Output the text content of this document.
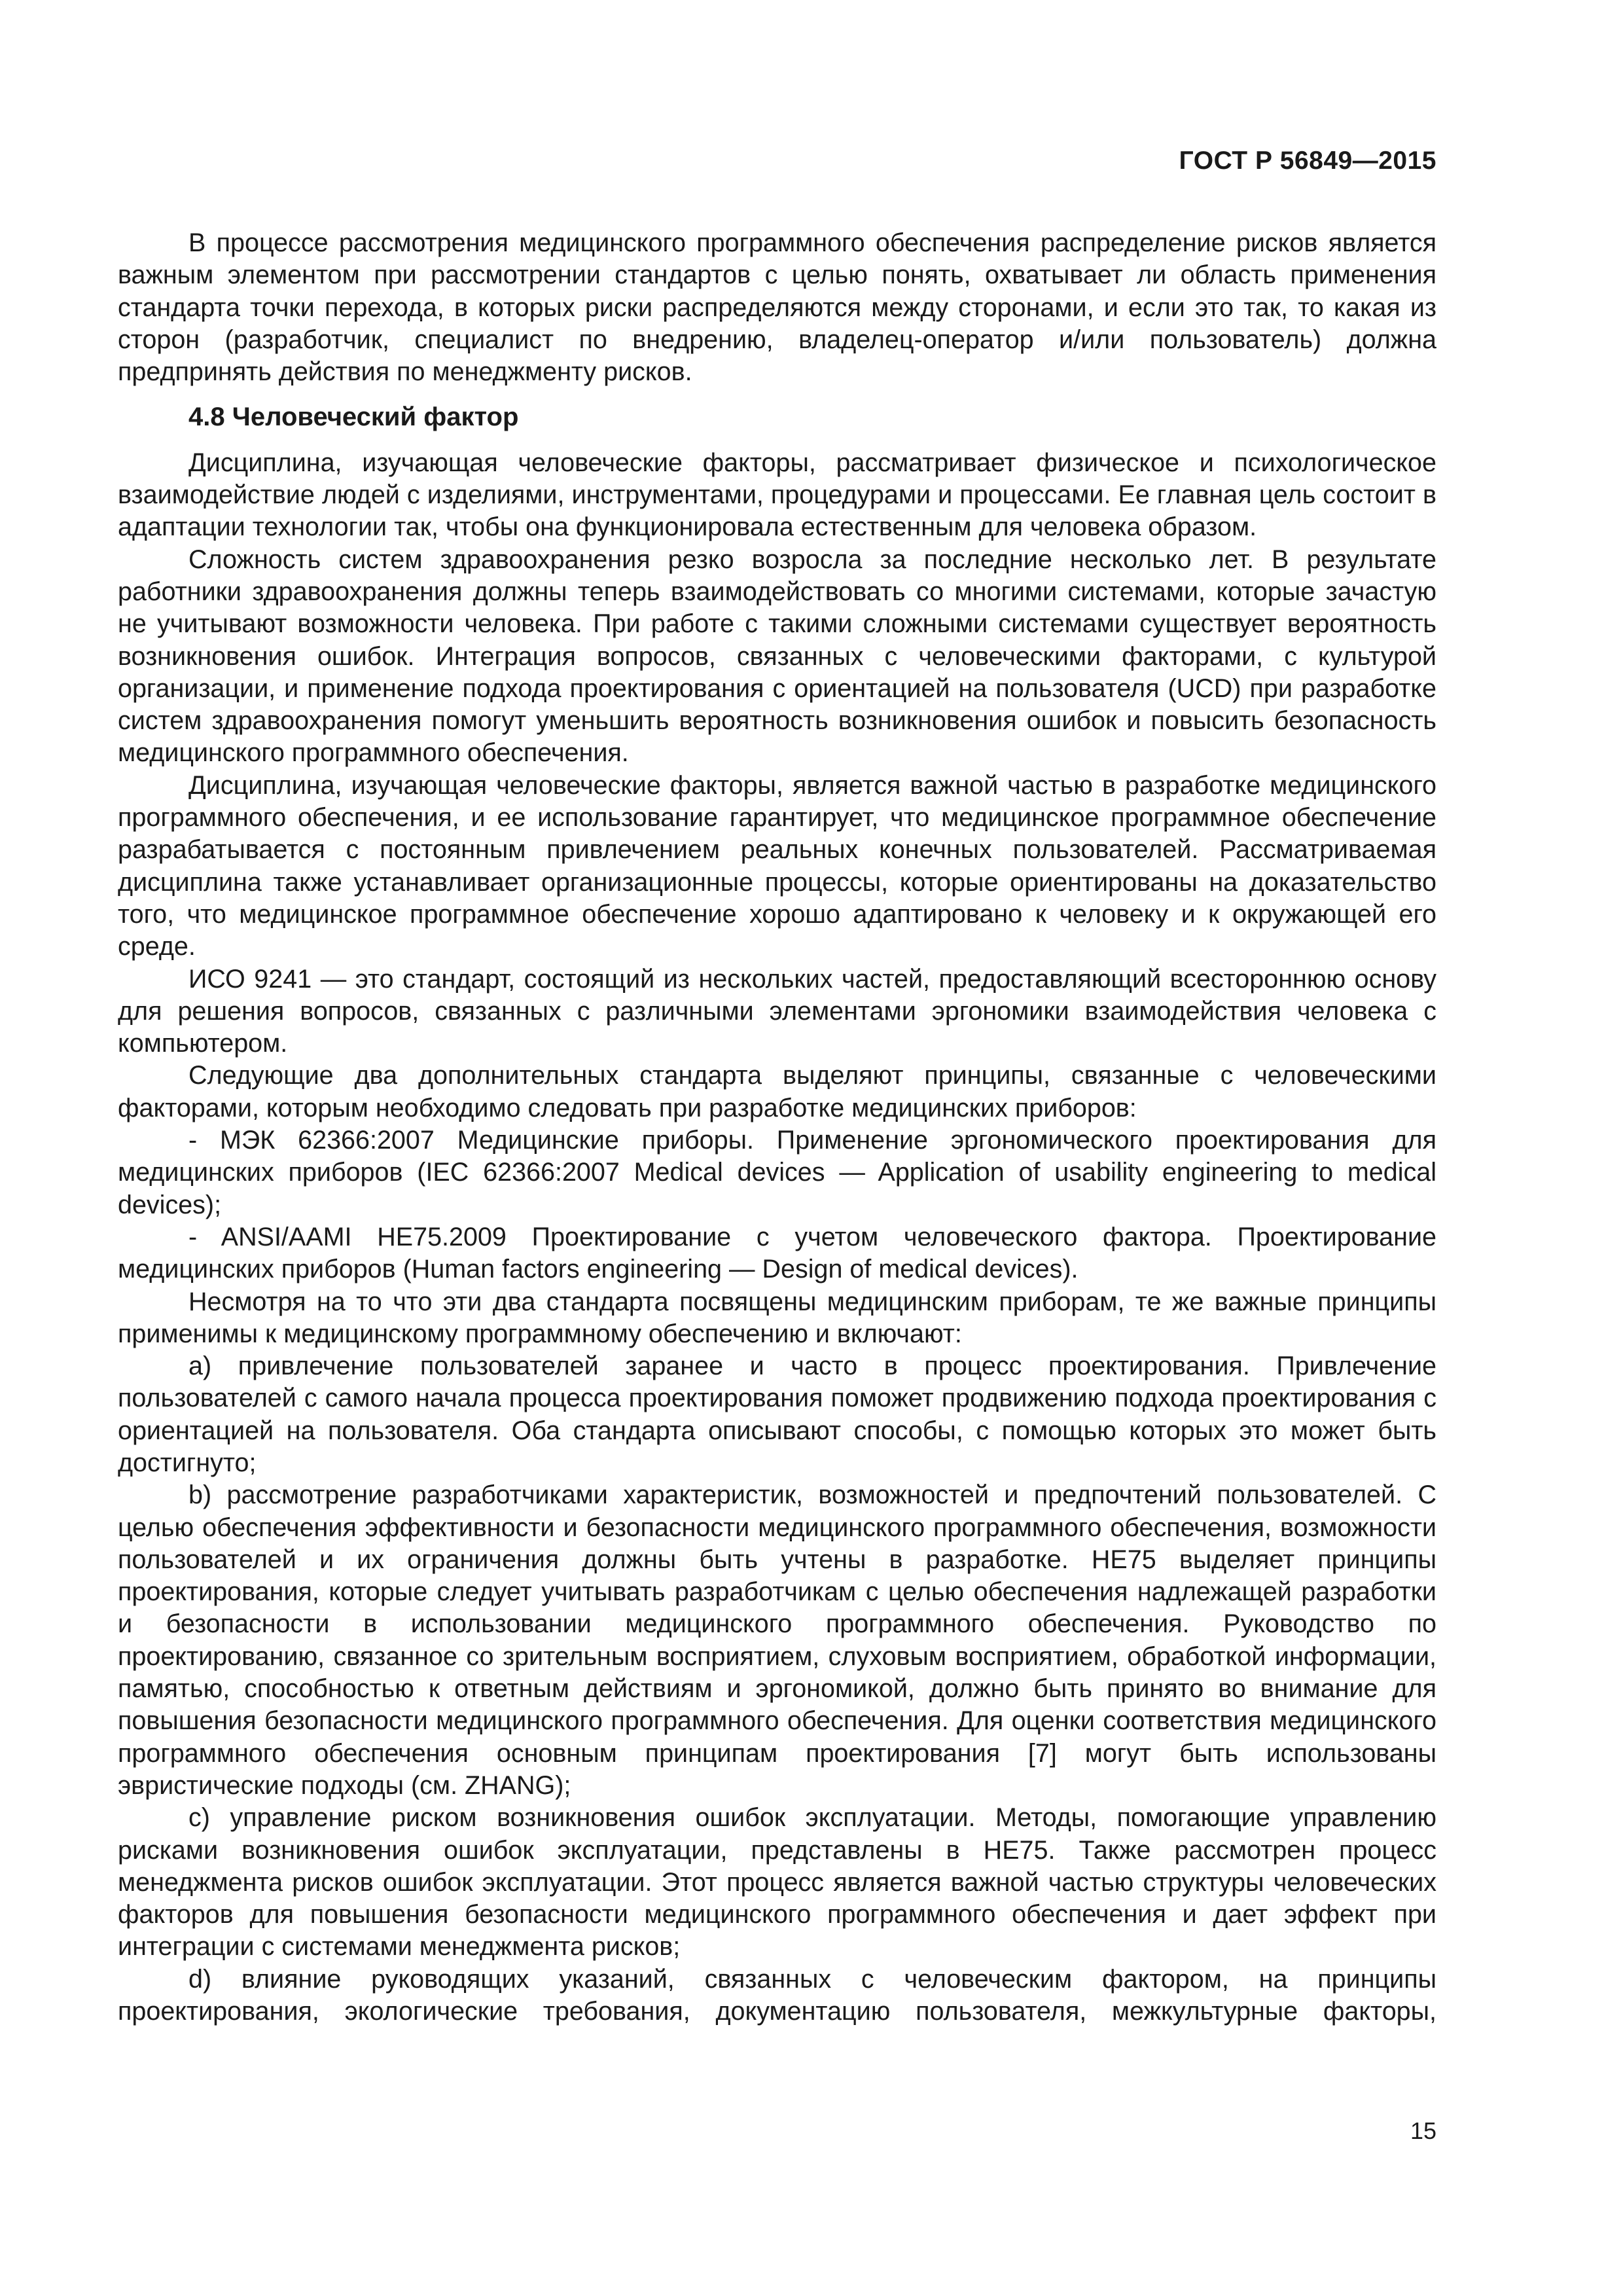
ГОСТ Р 56849—2015

В процессе рассмотрения медицинского программного обеспечения распределение рисков является важным элементом при рассмотрении стандартов с целью понять, охватывает ли область применения стандарта точки перехода, в которых риски распределяются между сторонами, и если это так, то какая из сторон (разработчик, специалист по внедрению, владелец-оператор и/или пользователь) должна предпринять действия по менеджменту рисков.

4.8 Человеческий фактор

Дисциплина, изучающая человеческие факторы, рассматривает физическое и психологическое взаимодействие людей с изделиями, инструментами, процедурами и процессами. Ее главная цель состоит в адаптации технологии так, чтобы она функционировала естественным для человека образом.

Сложность систем здравоохранения резко возросла за последние несколько лет. В результате работники здравоохранения должны теперь взаимодействовать со многими системами, которые зачастую не учитывают возможности человека. При работе с такими сложными системами существует вероятность возникновения ошибок. Интеграция вопросов, связанных с человеческими факторами, с культурой организации, и применение подхода проектирования с ориентацией на пользователя (UCD) при разработке систем здравоохранения помогут уменьшить вероятность возникновения ошибок и повысить безопасность медицинского программного обеспечения.

Дисциплина, изучающая человеческие факторы, является важной частью в разработке медицинского программного обеспечения, и ее использование гарантирует, что медицинское программное обеспечение разрабатывается с постоянным привлечением реальных конечных пользователей. Рассматриваемая дисциплина также устанавливает организационные процессы, которые ориентированы на доказательство того, что медицинское программное обеспечение хорошо адаптировано к человеку и к окружающей его среде.

ИСО 9241 — это стандарт, состоящий из нескольких частей, предоставляющий всестороннюю основу для решения вопросов, связанных с различными элементами эргономики взаимодействия человека с компьютером.

Следующие два дополнительных стандарта выделяют принципы, связанные с человеческими факторами, которым необходимо следовать при разработке медицинских приборов:

- МЭК 62366:2007 Медицинские приборы. Применение эргономического проектирования для медицинских приборов (IEC 62366:2007 Medical devices — Application of usability engineering to medical devices);

- ANSI/AAMI HE75.2009 Проектирование с учетом человеческого фактора. Проектирование медицинских приборов (Human factors engineering — Design of medical devices).

Несмотря на то что эти два стандарта посвящены медицинским приборам, те же важные принципы применимы к медицинскому программному обеспечению и включают:

a) привлечение пользователей заранее и часто в процесс проектирования. Привлечение пользователей с самого начала процесса проектирования поможет продвижению подхода проектирования с ориентацией на пользователя. Оба стандарта описывают способы, с помощью которых это может быть достигнуто;

b) рассмотрение разработчиками характеристик, возможностей и предпочтений пользователей. С целью обеспечения эффективности и безопасности медицинского программного обеспечения, возможности пользователей и их ограничения должны быть учтены в разработке. HE75 выделяет принципы проектирования, которые следует учитывать разработчикам с целью обеспечения надлежащей разработки и безопасности в использовании медицинского программного обеспечения. Руководство по проектированию, связанное со зрительным восприятием, слуховым восприятием, обработкой информации, памятью, способностью к ответным действиям и эргономикой, должно быть принято во внимание для повышения безопасности медицинского программного обеспечения. Для оценки соответствия медицинского программного обеспечения основным принципам проектирования [7] могут быть использованы эвристические подходы (см. ZHANG);

c) управление риском возникновения ошибок эксплуатации. Методы, помогающие управлению рисками возникновения ошибок эксплуатации, представлены в HE75. Также рассмотрен процесс менеджмента рисков ошибок эксплуатации. Этот процесс является важной частью структуры человеческих факторов для повышения безопасности медицинского программного обеспечения и дает эффект при интеграции с системами менеджмента рисков;

d) влияние руководящих указаний, связанных с человеческим фактором, на принципы проектирования, экологические требования, документацию пользователя, межкультурные факторы,

15
